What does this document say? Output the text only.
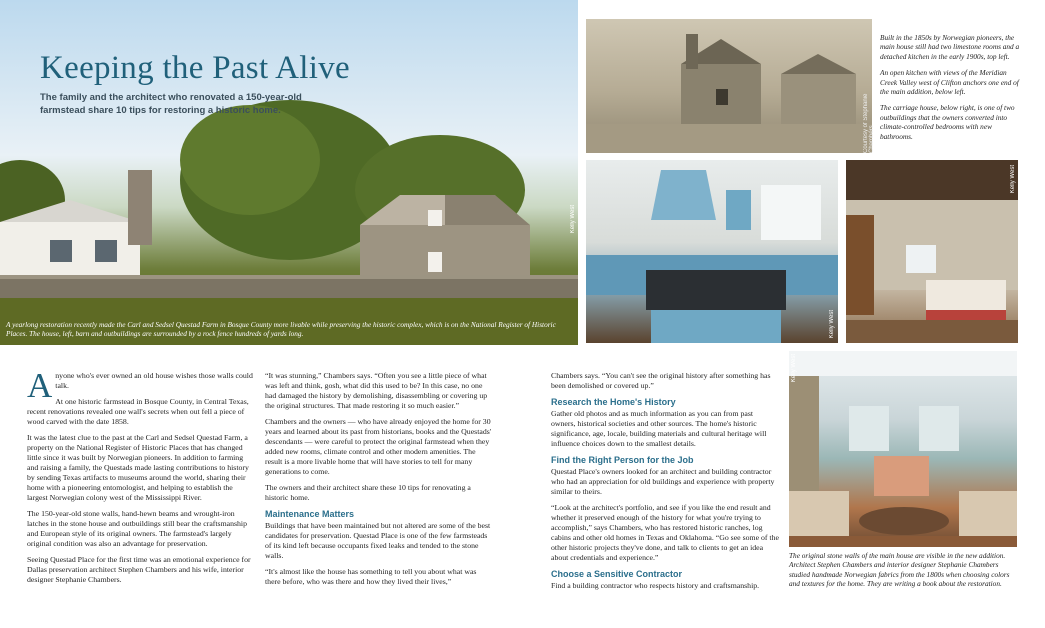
Kelly West
Keeping the Past Alive
The family and the architect who renovated a 150-year-old farmstead share 10 tips for restoring a historic home.
A yearlong restoration recently made the Carl and Sedsel Questad Farm in Bosque County more livable while preserving the historic complex, which is on the National Register of Historic Places. The house, left, barn and outbuildings are surrounded by a rock fence hundreds of yards long.
Courtesy of Stephanie Chambers

Built in the 1850s by Norwegian pioneers, the main house still had two limestone rooms and a detached kitchen in the early 1900s, top left.

An open kitchen with views of the Meridian Creek Valley west of Clifton anchors one end of the main addition, below left.

The carriage house, below right, is one of two outbuildings that the owners converted into climate-controlled bedrooms with new bathrooms.

Kelly West
Kelly West
Kelly West
The original stone walls of the main house are visible in the new addition. Architect Stephen Chambers and interior designer Stephanie Chambers studied handmade Norwegian fabrics from the 1800s when choosing colors and textures for the home. They are writing a book about the restoration.

Anyone who's ever owned an old house wishes those walls could talk.

At one historic farmstead in Bosque County, in Central Texas, recent renovations revealed one wall's secrets when out fell a piece of wood carved with the date 1858.

It was the latest clue to the past at the Carl and Sedsel Questad Farm, a property on the National Register of Historic Places that has changed little since it was built by Norwegian pioneers. In addition to farming and raising a family, the Questads made lasting contributions to history by sending Texas artifacts to museums around the world, sharing their home with a pioneering entomologist, and helping to establish the largest Norwegian colony west of the Mississippi River.

The 150-year-old stone walls, hand-hewn beams and wrought-iron latches in the stone house and outbuildings still bear the craftsmanship and European style of its original owners. The farmstead's largely original condition was also an advantage for preservation.

Seeing Questad Place for the first time was an emotional experience for Dallas preservation architect Stephen Chambers and his wife, interior designer Stephanie Chambers.

“It was stunning,” Chambers says. “Often you see a little piece of what was left and think, gosh, what did this used to be? In this case, no one had damaged the history by demolishing, disassembling or covering up the original structures. That made restoring it so much easier.”

Chambers and the owners — who have already enjoyed the home for 30 years and learned about its past from historians, books and the Questads' descendants — were careful to protect the original farmstead when they added new rooms, climate control and other modern amenities. The result is a more livable home that will have stories to tell for many generations to come.

The owners and their architect share these 10 tips for renovating a historic home.

Maintenance Matters

Buildings that have been maintained but not altered are some of the best candidates for preservation. Questad Place is one of the few farmsteads of its kind left because occupants fixed leaks and tended to the stone walls.

“It's almost like the house has something to tell you about what was there before, who was there and how they lived their lives,”

Chambers says. “You can't see the original history after something has been demolished or covered up.”

Research the Home's History

Gather old photos and as much information as you can from past owners, historical societies and other sources. The home's historic significance, age, locale, building materials and cultural heritage will influence choices down to the smallest details.

Find the Right Person for the Job

Questad Place's owners looked for an architect and building contractor who had an appreciation for old buildings and experience with property similar to theirs.

“Look at the architect's portfolio, and see if you like the end result and whether it preserved enough of the history for what you're trying to accomplish,” says Chambers, who has restored historic ranches, log cabins and other old homes in Texas and Oklahoma. “Go see some of the other historic projects they've done, and talk to clients to get an idea about credentials and experience.”

Choose a Sensitive Contractor

Find a building contractor who respects history and craftsmanship.
